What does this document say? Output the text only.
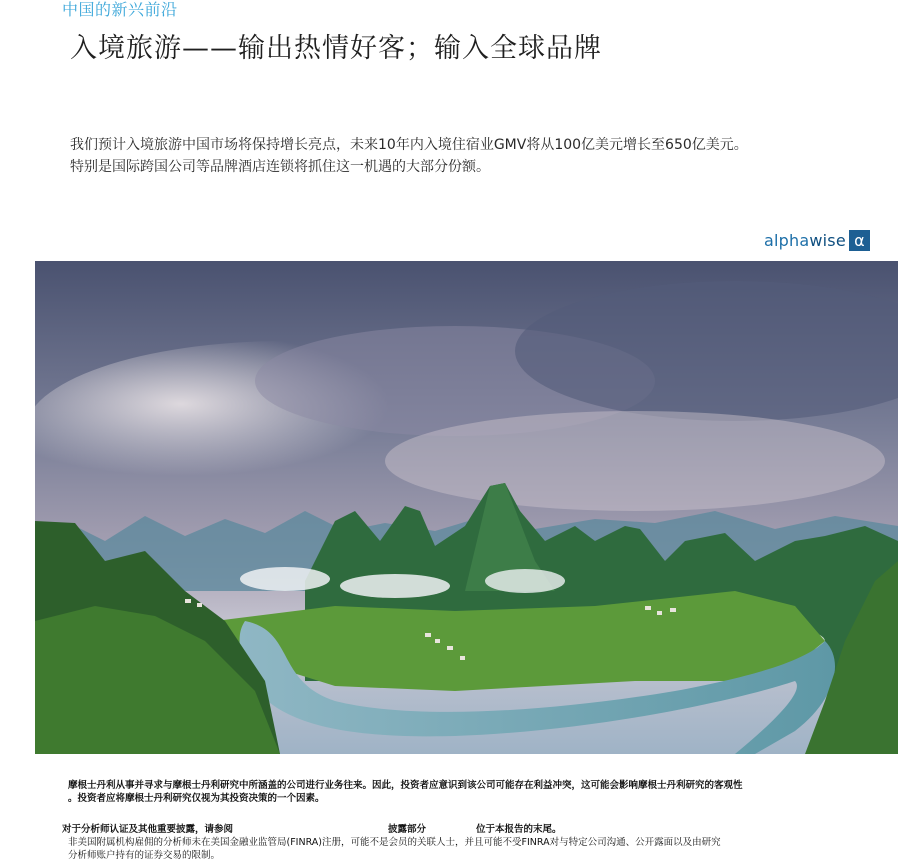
中国的新兴前沿
入境旅游——输出热情好客；输入全球品牌

我们预计入境旅游中国市场将保持增长亮点，未来10年内入境住宿业GMV将从100亿美元增长至650亿美元。

特别是国际跨国公司等品牌酒店连锁将抓住这一机遇的大部分份额。

alphawise α

摩根士丹利从事并寻求与摩根士丹利研究中所涵盖的公司进行业务往来。因此，投资者应意识到该公司可能存在利益冲突，这可能会影响摩根士丹利研究的客观性

。投资者应将摩根士丹利研究仅视为其投资决策的一个因素。

对于分析师认证及其他重要披露，请参阅	披露部分	位于本报告的末尾。

非美国附属机构雇佣的分析师未在美国金融业监管局(FINRA)注册，可能不是会员的关联人士，并且可能不受FINRA对与特定公司沟通、公开露面以及由研究

分析师账户持有的证券交易的限制。
